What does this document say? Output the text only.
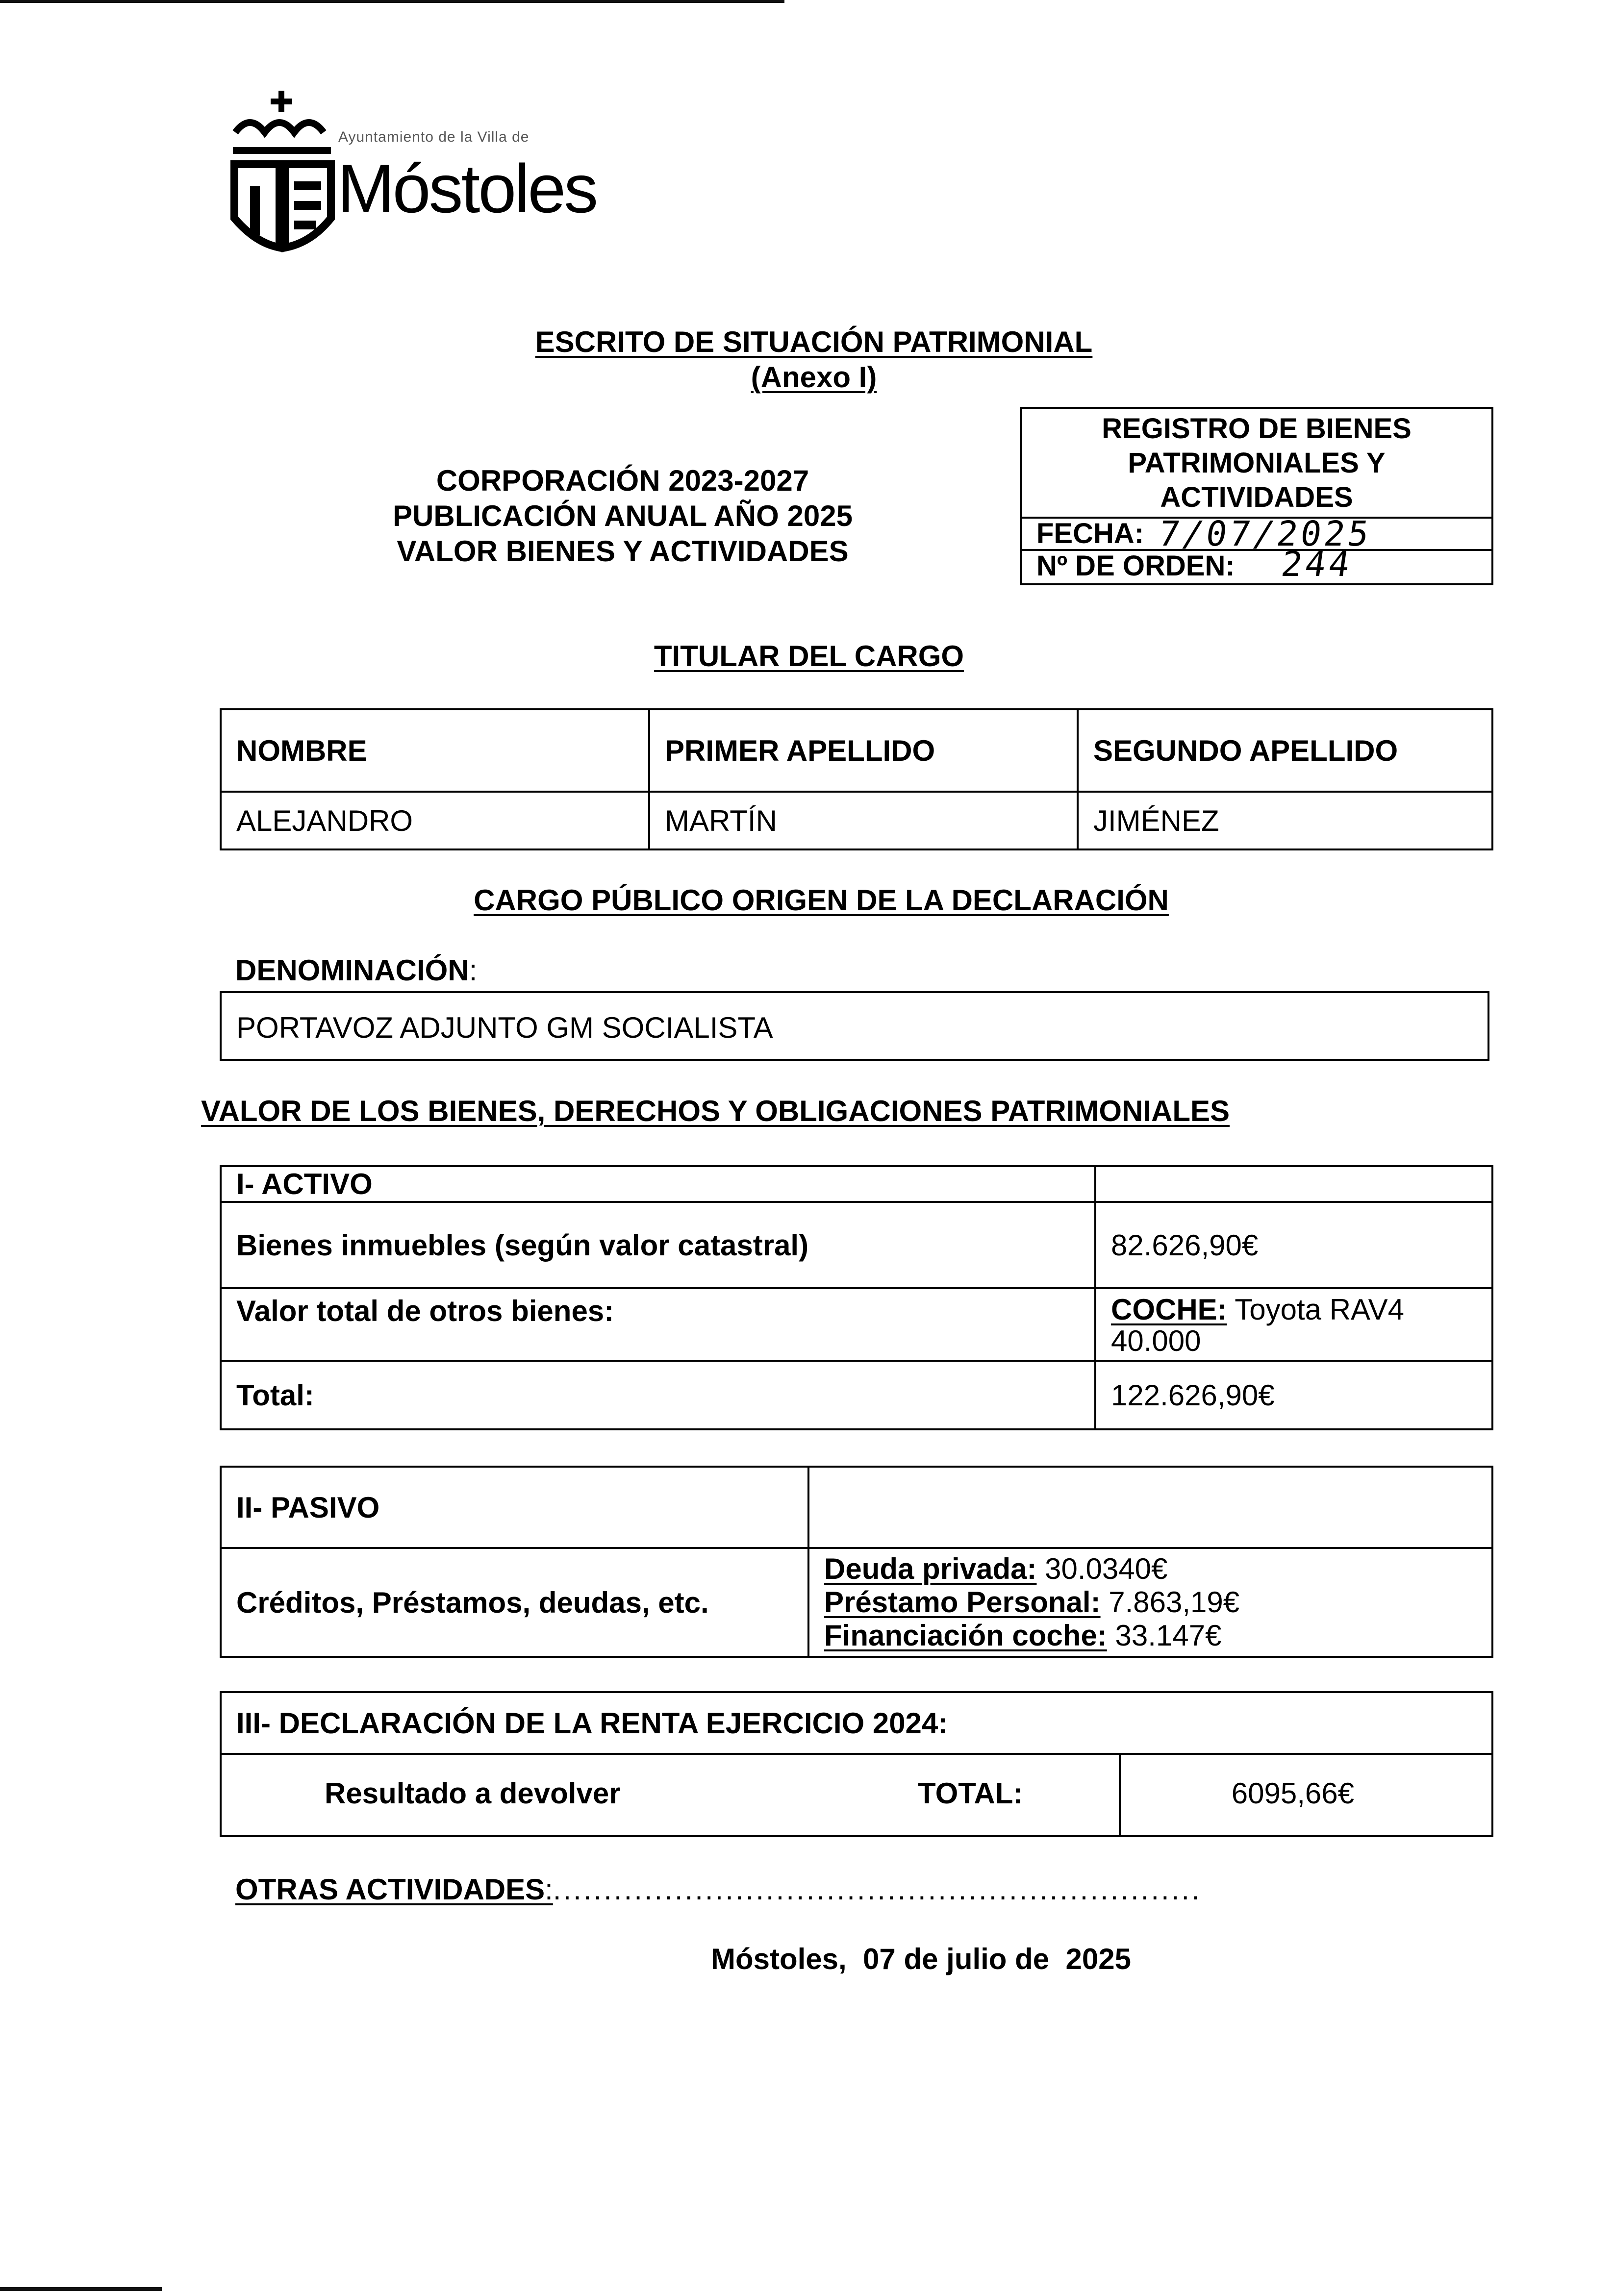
Ayuntamiento de la Villa de
Móstoles
ESCRITO DE SITUACIÓN PATRIMONIAL
(Anexo I)
CORPORACIÓN 2023-2027
PUBLICACIÓN ANUAL AÑO 2025
VALOR BIENES Y ACTIVIDADES
REGISTRO DE BIENES
PATRIMONIALES Y
ACTIVIDADES
FECHA: 7/07/2025
Nº DE ORDEN: 244
TITULAR DEL CARGO
NOMBRE	PRIMER APELLIDO	SEGUNDO APELLIDO
ALEJANDRO	MARTÍN	JIMÉNEZ
CARGO PÚBLICO ORIGEN DE LA DECLARACIÓN
DENOMINACIÓN:
PORTAVOZ ADJUNTO GM SOCIALISTA
VALOR DE LOS BIENES, DERECHOS Y OBLIGACIONES PATRIMONIALES
I- ACTIVO	
Bienes inmuebles (según valor catastral)	82.626,90€
Valor total de otros bienes:	COCHE: Toyota RAV4
40.000
Total:	122.626,90€
II- PASIVO	
Créditos, Préstamos, deudas, etc.	Deuda privada: 30.0340€
Préstamo Personal: 7.863,19€
Financiación coche: 33.147€
III- DECLARACIÓN DE LA RENTA EJERCICIO 2024:
Resultado a devolver	TOTAL:	6095,66€
OTRAS ACTIVIDADES:................................................................
Móstoles,  07 de julio de  2025
